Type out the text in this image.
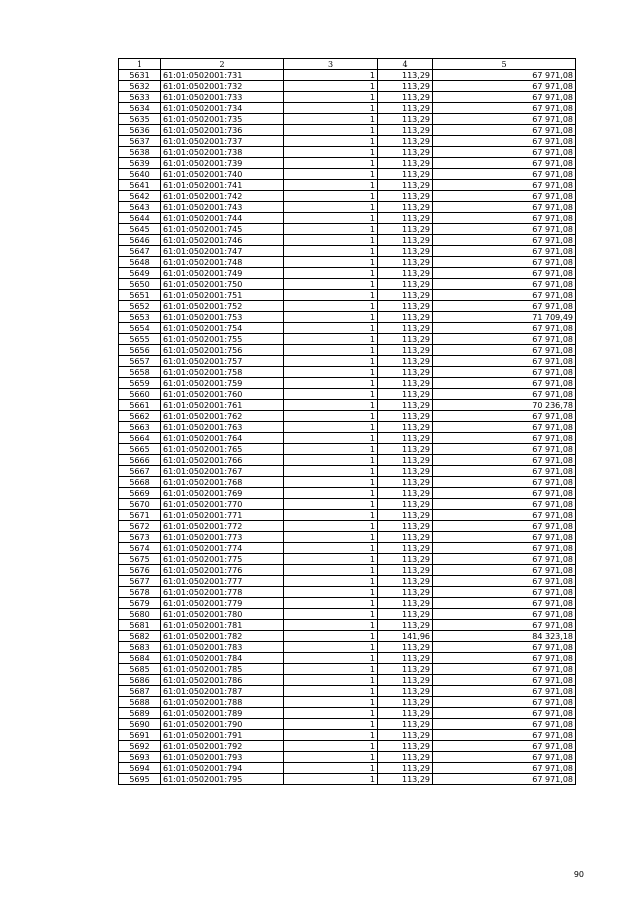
1	2	3	4	5
5631	61:01:0502001:731	1	113,29	67 971,08
5632	61:01:0502001:732	1	113,29	67 971,08
5633	61:01:0502001:733	1	113,29	67 971,08
5634	61:01:0502001:734	1	113,29	67 971,08
5635	61:01:0502001:735	1	113,29	67 971,08
5636	61:01:0502001:736	1	113,29	67 971,08
5637	61:01:0502001:737	1	113,29	67 971,08
5638	61:01:0502001:738	1	113,29	67 971,08
5639	61:01:0502001:739	1	113,29	67 971,08
5640	61:01:0502001:740	1	113,29	67 971,08
5641	61:01:0502001:741	1	113,29	67 971,08
5642	61:01:0502001:742	1	113,29	67 971,08
5643	61:01:0502001:743	1	113,29	67 971,08
5644	61:01:0502001:744	1	113,29	67 971,08
5645	61:01:0502001:745	1	113,29	67 971,08
5646	61:01:0502001:746	1	113,29	67 971,08
5647	61:01:0502001:747	1	113,29	67 971,08
5648	61:01:0502001:748	1	113,29	67 971,08
5649	61:01:0502001:749	1	113,29	67 971,08
5650	61:01:0502001:750	1	113,29	67 971,08
5651	61:01:0502001:751	1	113,29	67 971,08
5652	61:01:0502001:752	1	113,29	67 971,08
5653	61:01:0502001:753	1	113,29	71 709,49
5654	61:01:0502001:754	1	113,29	67 971,08
5655	61:01:0502001:755	1	113,29	67 971,08
5656	61:01:0502001:756	1	113,29	67 971,08
5657	61:01:0502001:757	1	113,29	67 971,08
5658	61:01:0502001:758	1	113,29	67 971,08
5659	61:01:0502001:759	1	113,29	67 971,08
5660	61:01:0502001:760	1	113,29	67 971,08
5661	61:01:0502001:761	1	113,29	70 236,78
5662	61:01:0502001:762	1	113,29	67 971,08
5663	61:01:0502001:763	1	113,29	67 971,08
5664	61:01:0502001:764	1	113,29	67 971,08
5665	61:01:0502001:765	1	113,29	67 971,08
5666	61:01:0502001:766	1	113,29	67 971,08
5667	61:01:0502001:767	1	113,29	67 971,08
5668	61:01:0502001:768	1	113,29	67 971,08
5669	61:01:0502001:769	1	113,29	67 971,08
5670	61:01:0502001:770	1	113,29	67 971,08
5671	61:01:0502001:771	1	113,29	67 971,08
5672	61:01:0502001:772	1	113,29	67 971,08
5673	61:01:0502001:773	1	113,29	67 971,08
5674	61:01:0502001:774	1	113,29	67 971,08
5675	61:01:0502001:775	1	113,29	67 971,08
5676	61:01:0502001:776	1	113,29	67 971,08
5677	61:01:0502001:777	1	113,29	67 971,08
5678	61:01:0502001:778	1	113,29	67 971,08
5679	61:01:0502001:779	1	113,29	67 971,08
5680	61:01:0502001:780	1	113,29	67 971,08
5681	61:01:0502001:781	1	113,29	67 971,08
5682	61:01:0502001:782	1	141,96	84 323,18
5683	61:01:0502001:783	1	113,29	67 971,08
5684	61:01:0502001:784	1	113,29	67 971,08
5685	61:01:0502001:785	1	113,29	67 971,08
5686	61:01:0502001:786	1	113,29	67 971,08
5687	61:01:0502001:787	1	113,29	67 971,08
5688	61:01:0502001:788	1	113,29	67 971,08
5689	61:01:0502001:789	1	113,29	67 971,08
5690	61:01:0502001:790	1	113,29	67 971,08
5691	61:01:0502001:791	1	113,29	67 971,08
5692	61:01:0502001:792	1	113,29	67 971,08
5693	61:01:0502001:793	1	113,29	67 971,08
5694	61:01:0502001:794	1	113,29	67 971,08
5695	61:01:0502001:795	1	113,29	67 971,08
90
